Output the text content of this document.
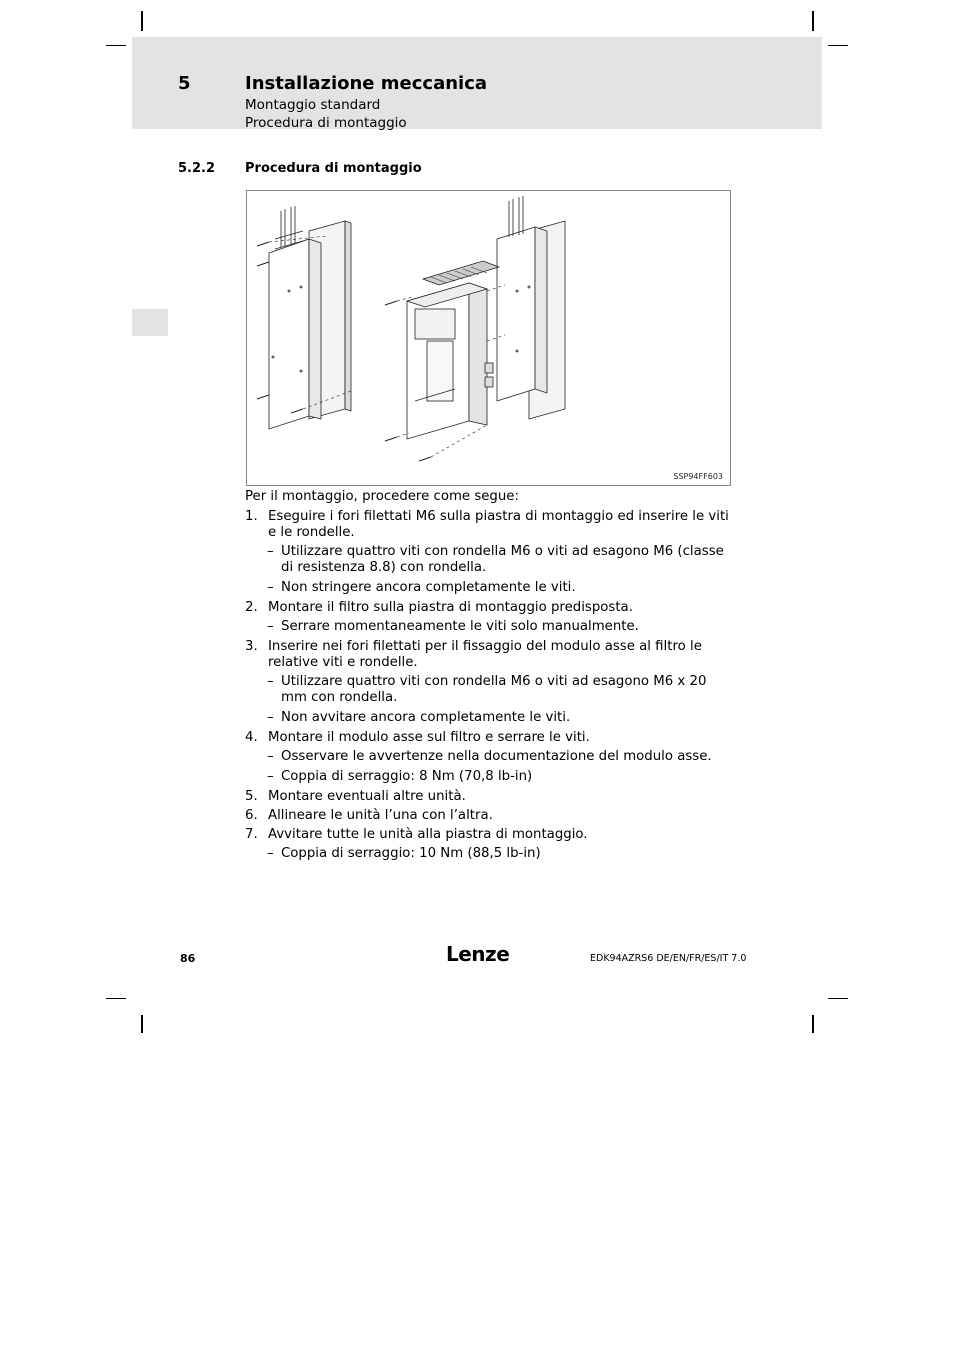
5	Installazione meccanica
Montaggio standard
Procedura di montaggio
5.2.2 Procedura di montaggio
SSP94FF603

Per il montaggio, procedere come segue:

1. Eseguire i fori filettati M6 sulla piastra di montaggio ed inserire le viti e le rondelle.
– Utilizzare quattro viti con rondella M6 o viti ad esagono M6 (classe di resistenza 8.8) con rondella.
– Non stringere ancora completamente le viti.
2. Montare il filtro sulla piastra di montaggio predisposta.
– Serrare momentaneamente le viti solo manualmente.
3. Inserire nei fori filettati per il fissaggio del modulo asse al filtro le relative viti e rondelle.
– Utilizzare quattro viti con rondella M6 o viti ad esagono M6 x 20 mm con rondella.
– Non avvitare ancora completamente le viti.
4. Montare il modulo asse sul filtro e serrare le viti.
– Osservare le avvertenze nella documentazione del modulo asse.
– Coppia di serraggio: 8 Nm (70,8 lb-in)
5. Montare eventuali altre unità.
6. Allineare le unità l’una con l’altra.
7. Avvitare tutte le unità alla piastra di montaggio.
– Coppia di serraggio: 10 Nm (88,5 lb-in)
86	Lenze	EDK94AZRS6 DE/EN/FR/ES/IT 7.0
